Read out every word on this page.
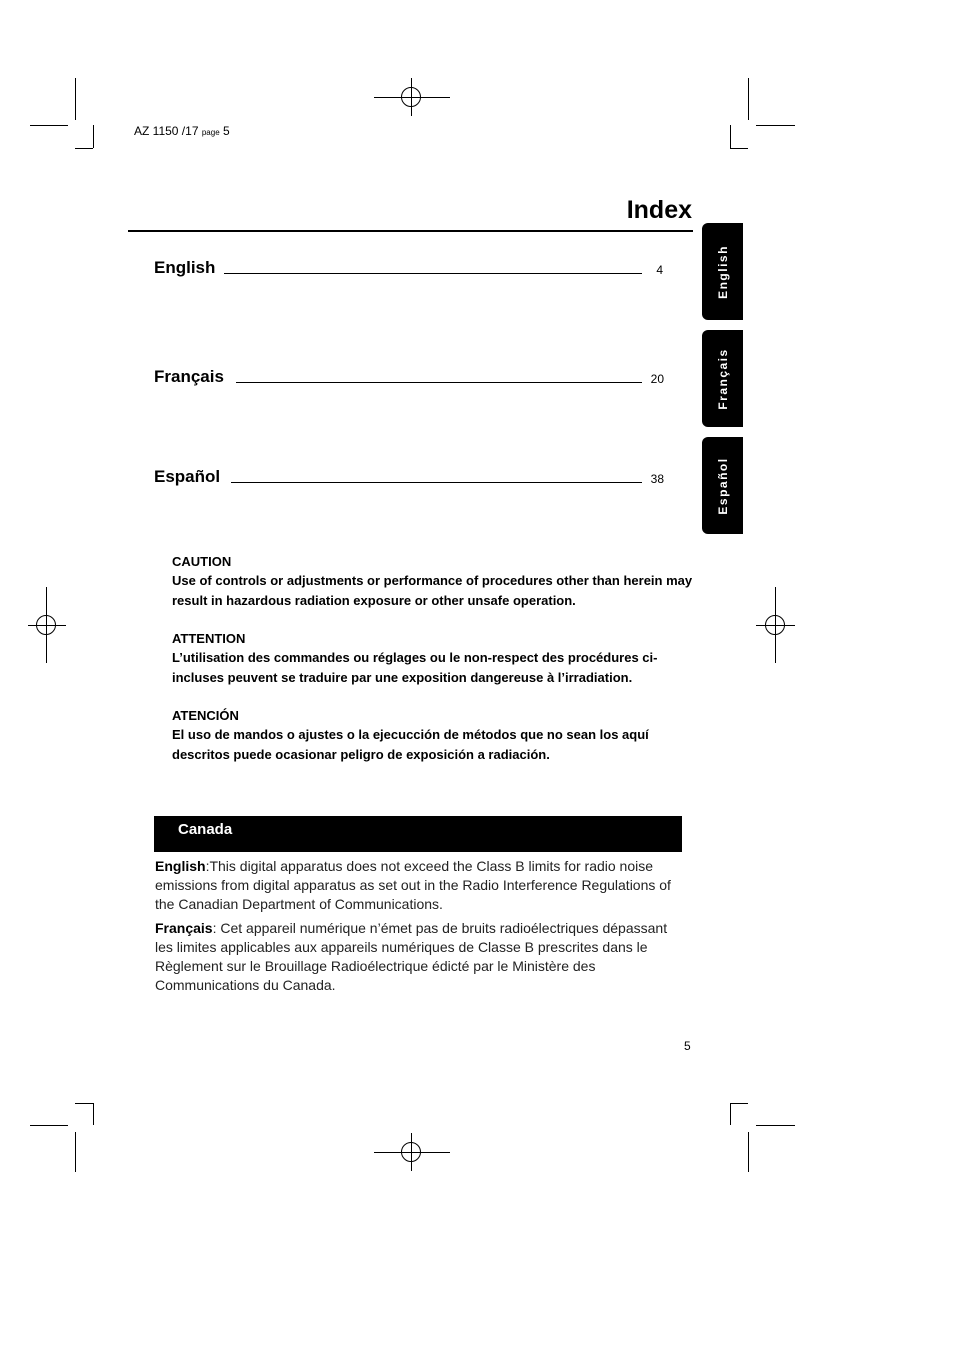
AZ 1150 /17 page 5
Index
English	4
Français	20
Español	38
English
Français
Español
CAUTION
Use of controls or adjustments or performance of procedures other than herein may result in hazardous radiation exposure or other unsafe operation.
ATTENTION
L’utilisation des commandes ou réglages ou le non-respect des procédures ci-incluses peuvent se traduire par une exposition dangereuse à l’irradiation.
ATENCIÓN
El uso de mandos o ajustes o la ejecucción de métodos que no sean los aquí descritos puede ocasionar peligro de exposición a radiación.
Canada
English:This digital apparatus does not exceed the Class B limits for radio noise emissions from digital apparatus as set out in the Radio Interference Regulations of the Canadian Department of Communications.
Français: Cet appareil numérique n’émet pas de bruits radioélectriques dépassant les limites applicables aux appareils numériques de Classe B prescrites dans le Règlement sur le Brouillage Radioélectrique édicté par le Ministère des Communications du Canada.
5
